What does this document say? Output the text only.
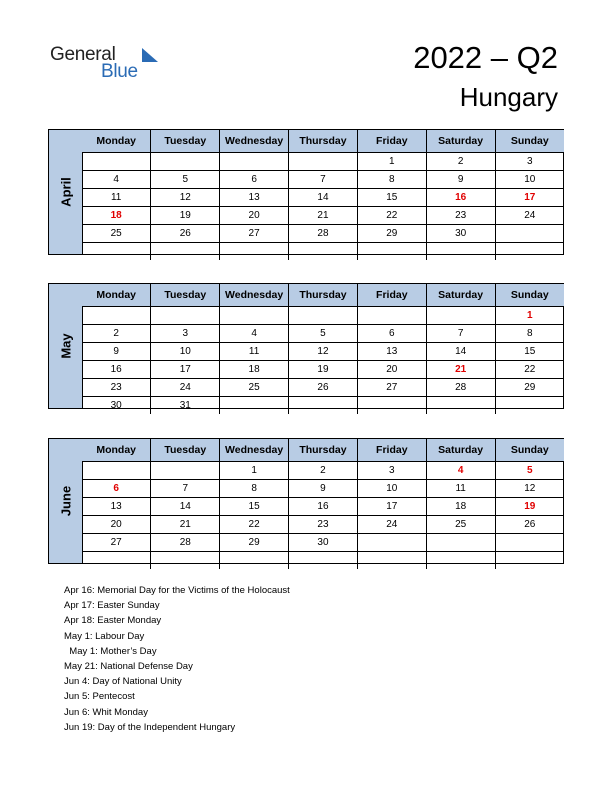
General
Blue	2022 – Q2
Hungary
April
Monday	Tuesday	Wednesday	Thursday	Friday	Saturday	Sunday
				1	2	3
4	5	6	7	8	9	10
11	12	13	14	15	16	17
18	19	20	21	22	23	24
25	26	27	28	29	30	

May
Monday	Tuesday	Wednesday	Thursday	Friday	Saturday	Sunday
						1
2	3	4	5	6	7	8
9	10	11	12	13	14	15
16	17	18	19	20	21	22
23	24	25	26	27	28	29
30	31					
June
Monday	Tuesday	Wednesday	Thursday	Friday	Saturday	Sunday
		1	2	3	4	5
6	7	8	9	10	11	12
13	14	15	16	17	18	19
20	21	22	23	24	25	26
27	28	29	30			

Apr 16: Memorial Day for the Victims of the Holocaust
Apr 17: Easter Sunday
Apr 18: Easter Monday
May 1: Labour Day
May 1: Mother’s Day
May 21: National Defense Day
Jun 4: Day of National Unity
Jun 5: Pentecost
Jun 6: Whit Monday
Jun 19: Day of the Independent Hungary
